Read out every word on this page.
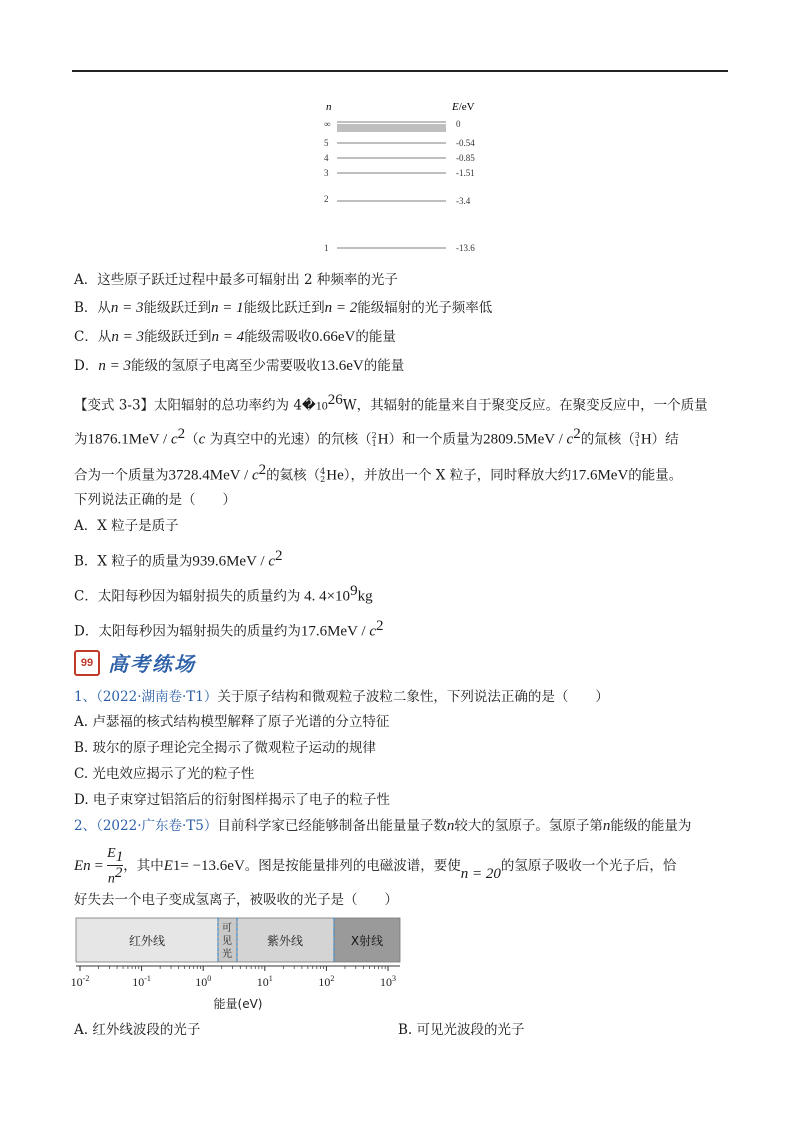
n	E/eV
∞	0
5	-0.54
4	-0.85
3	-1.51
2	-3.4
1	-13.6
A．这些原子跃迁过程中最多可辐射出 2 种频率的光子
B．从n = 3能级跃迁到n = 1能级比跃迁到n = 2能级辐射的光子频率低
C．从n = 3能级跃迁到n = 4能级需吸收0.66eV的能量
D．n = 3能级的氢原子电离至少需要吸收13.6eV的能量
【变式 3-3】太阳辐射的总功率约为 $4�10^{26}W$，其辐射的能量来自于聚变反应。在聚变反应中，一个质量
为$1876.1MeV / c^2(c$ 为真空中的光速）的氘核（ 2
1 H）和一个质量为$2809.5MeV / c^2$的氚核（ 3
1 H）结
合为一个质量为$3728.4MeV / c^2$的氦核（ 4
2 He），并放出一个 X 粒子，同时释放大约17.6MeV的能量。
下列说法正确的是（　　）
A．X 粒子是质子
B．X 粒子的质量为$939.6MeV / c^2$
C．太阳每秒因为辐射损失的质量约为 4. $4\times 10^9kg$
D．太阳每秒因为辐射损失的质量约为$17.6MeV / c^2$
99 高考练场
1、（2022·湖南卷·T1）关于原子结构和微观粒子波粒二象性，下列说法正确的是（　　）
A. 卢瑟福的核式结构模型解释了原子光谱的分立特征
B. 玻尔的原子理论完全揭示了微观粒子运动的规律
C. 光电效应揭示了光的粒子性
D. 电子束穿过铝箔后的衍射图样揭示了电子的粒子性
2、（2022·广东卷·T5）目前科学家已经能够制备出能量量子数n较大的氢原子。氢原子第n能级的能量为
E $n = \frac{E_1}{n^2}$ ，其中 E 1 = −13.6eV 。图是按能量排列的电磁波谱，要使 n = 20 的氢原子吸收一个光子后，恰
好失去一个电子变成氢离子，被吸收的光子是（　　）
红外线
可
见
光
紫外线	X射线
$10^{-2}$	$10^{-1}$	$10^0$	$10^1$	$10^2$	$10^3$
能量(eV)
A. 红外线波段的光子	B. 可见光波段的光子
